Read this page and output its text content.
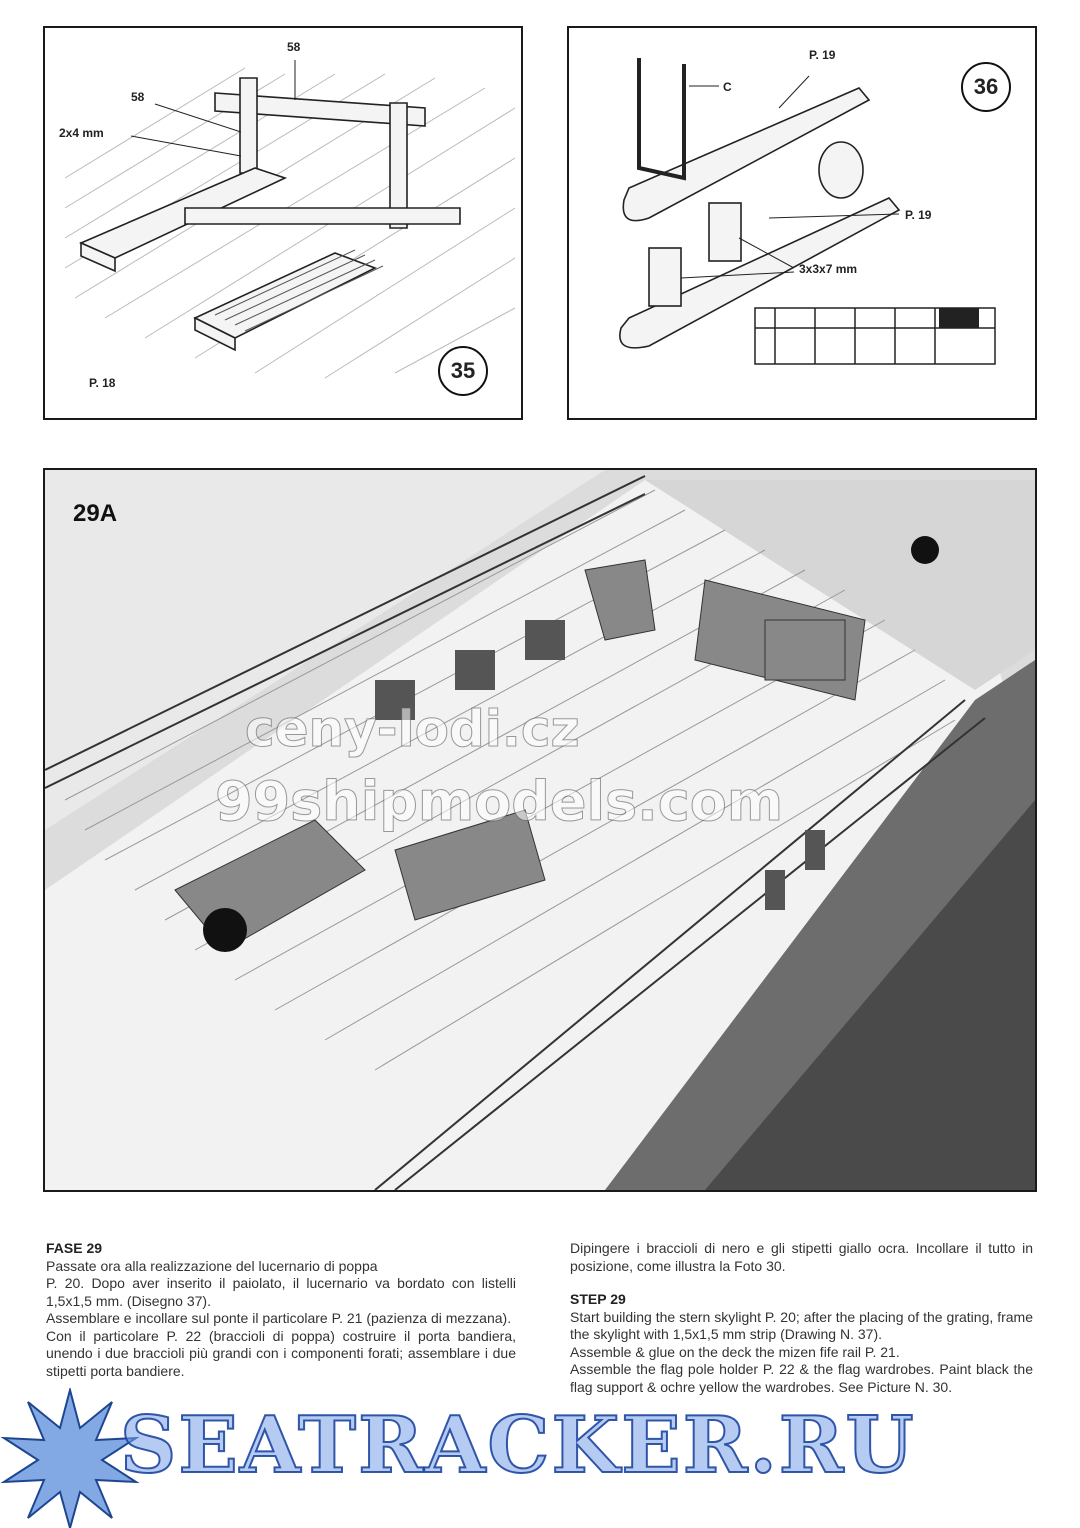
58
58
2x4 mm
P. 18	35
P. 19
C
P. 19
3x3x7 mm
36
29A
ceny-lodi.cz
99shipmodels.com
FASE 29

Passate ora alla realizzazione del lucernario di poppa

P. 20. Dopo aver inserito il paiolato, il lucernario va bordato con listelli 1,5x1,5 mm. (Disegno 37).

Assemblare e incollare sul ponte il particolare P. 21 (pazienza di mezzana).

Con il particolare P. 22 (braccioli di poppa) costruire il porta bandiera, unendo i due braccioli più grandi con i componenti forati; assemblare i due stipetti porta bandiere.

Dipingere i braccioli di nero e gli stipetti giallo ocra. Incollare il tutto in posizione, come illustra la Foto 30.

STEP 29

Start building the stern skylight P. 20; after the placing of the grating, frame the skylight with 1,5x1,5 mm strip (Drawing N. 37).

Assemble & glue on the deck the mizen fife rail P. 21.

Assemble the flag pole holder P. 22 & the flag wardrobes. Paint black the flag support & ochre yellow the wardrobes. See Picture N. 30.

SEATRACKER.RU
